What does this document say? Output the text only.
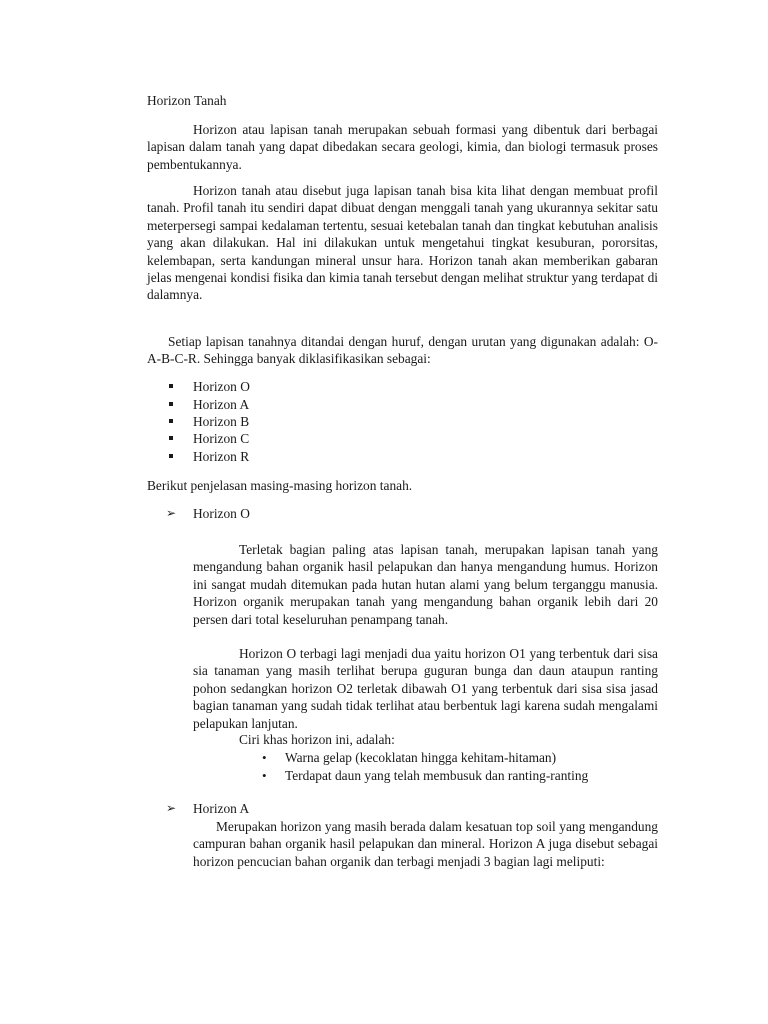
Horizon Tanah

Horizon atau lapisan tanah merupakan sebuah formasi yang dibentuk dari berbagai lapisan dalam tanah yang dapat dibedakan secara geologi, kimia, dan biologi termasuk proses pembentukannya.

Horizon tanah atau disebut juga lapisan tanah bisa kita lihat dengan membuat profil tanah. Profil tanah itu sendiri dapat dibuat dengan menggali tanah yang ukurannya sekitar satu meterpersegi sampai kedalaman tertentu, sesuai ketebalan tanah dan tingkat kebutuhan analisis yang akan dilakukan. Hal ini dilakukan untuk mengetahui tingkat kesuburan, pororsitas, kelembapan, serta kandungan mineral unsur hara. Horizon tanah akan memberikan gabaran jelas mengenai kondisi fisika dan kimia tanah tersebut dengan melihat struktur yang terdapat di dalamnya.

Setiap lapisan tanahnya ditandai dengan huruf, dengan urutan yang digunakan adalah: O-A-B-C-R. Sehingga banyak diklasifikasikan sebagai:

Horizon O

Horizon A

Horizon B

Horizon C

Horizon R

Berikut penjelasan masing-masing horizon tanah.

➢ Horizon O

Terletak bagian paling atas lapisan tanah, merupakan lapisan tanah yang mengandung bahan organik hasil pelapukan dan hanya mengandung humus. Horizon ini sangat mudah ditemukan pada hutan hutan alami yang belum terganggu manusia. Horizon organik merupakan tanah yang mengandung bahan organik lebih dari 20 persen dari total keseluruhan penampang tanah.

Horizon O terbagi lagi menjadi dua yaitu horizon O1 yang terbentuk dari sisa sia tanaman yang masih terlihat berupa guguran bunga dan daun ataupun ranting pohon sedangkan horizon O2 terletak dibawah O1 yang terbentuk dari sisa sisa jasad bagian tanaman yang sudah tidak terlihat atau berbentuk lagi karena sudah mengalami pelapukan lanjutan.

Ciri khas horizon ini, adalah:

• Warna gelap (kecoklatan hingga kehitam-hitaman)

• Terdapat daun yang telah membusuk dan ranting-ranting

➢ Horizon A

Merupakan horizon yang masih berada dalam kesatuan top soil yang mengandung campuran bahan organik hasil pelapukan dan mineral. Horizon A juga disebut sebagai horizon pencucian bahan organik dan terbagi menjadi 3 bagian lagi meliputi:
